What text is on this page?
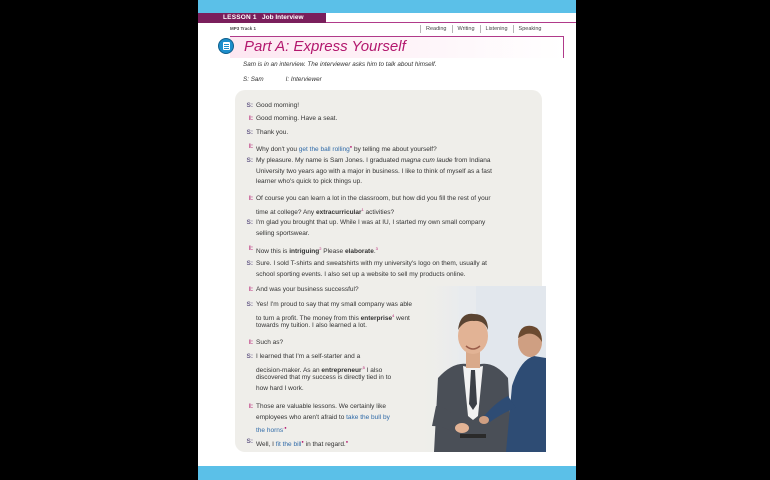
LESSON 1 Job Interview
MP3 Track 1	Reading	Writing	Listening	Speaking
Part A: Express Yourself
Sam is in an interview. The interviewer asks him to talk about himself.
S: Sam	I: Interviewer
S: Good morning!
I: Good morning. Have a seat.
S: Thank you.
I: Why don't you get the ball rolling● by telling me about yourself?
S: My pleasure. My name is Sam Jones. I graduated magna cum laude from Indiana
University two years ago with a major in business. I like to think of myself as a fast
learner who's quick to pick things up.
I: Of course you can learn a lot in the classroom, but how did you fill the rest of your
time at college? Any extracurricular$^1$ activities?
S: I'm glad you brought that up. While I was at IU, I started my own small company
selling sportswear.
I: Now this is intriguing$^2$ Please elaborate.$^3$
S: Sure. I sold T-shirts and sweatshirts with my university's logo on them, usually at
school sporting events. I also set up a website to sell my products online.
I: And was your business successful?
S: Yes! I'm proud to say that my small company was able
to turn a profit. The money from this enterprise$^4$ went
towards my tuition. I also learned a lot.
I: Such as?
S: I learned that I'm a self-starter and a
decision-maker. As an entrepreneur$^{,5}$ I also
discovered that my success is directly tied in to
how hard I work.
I: Those are valuable lessons. We certainly like
employees who aren't afraid to take the bull by
the horns.●
S: Well, I fit the bill● in that regard.●
